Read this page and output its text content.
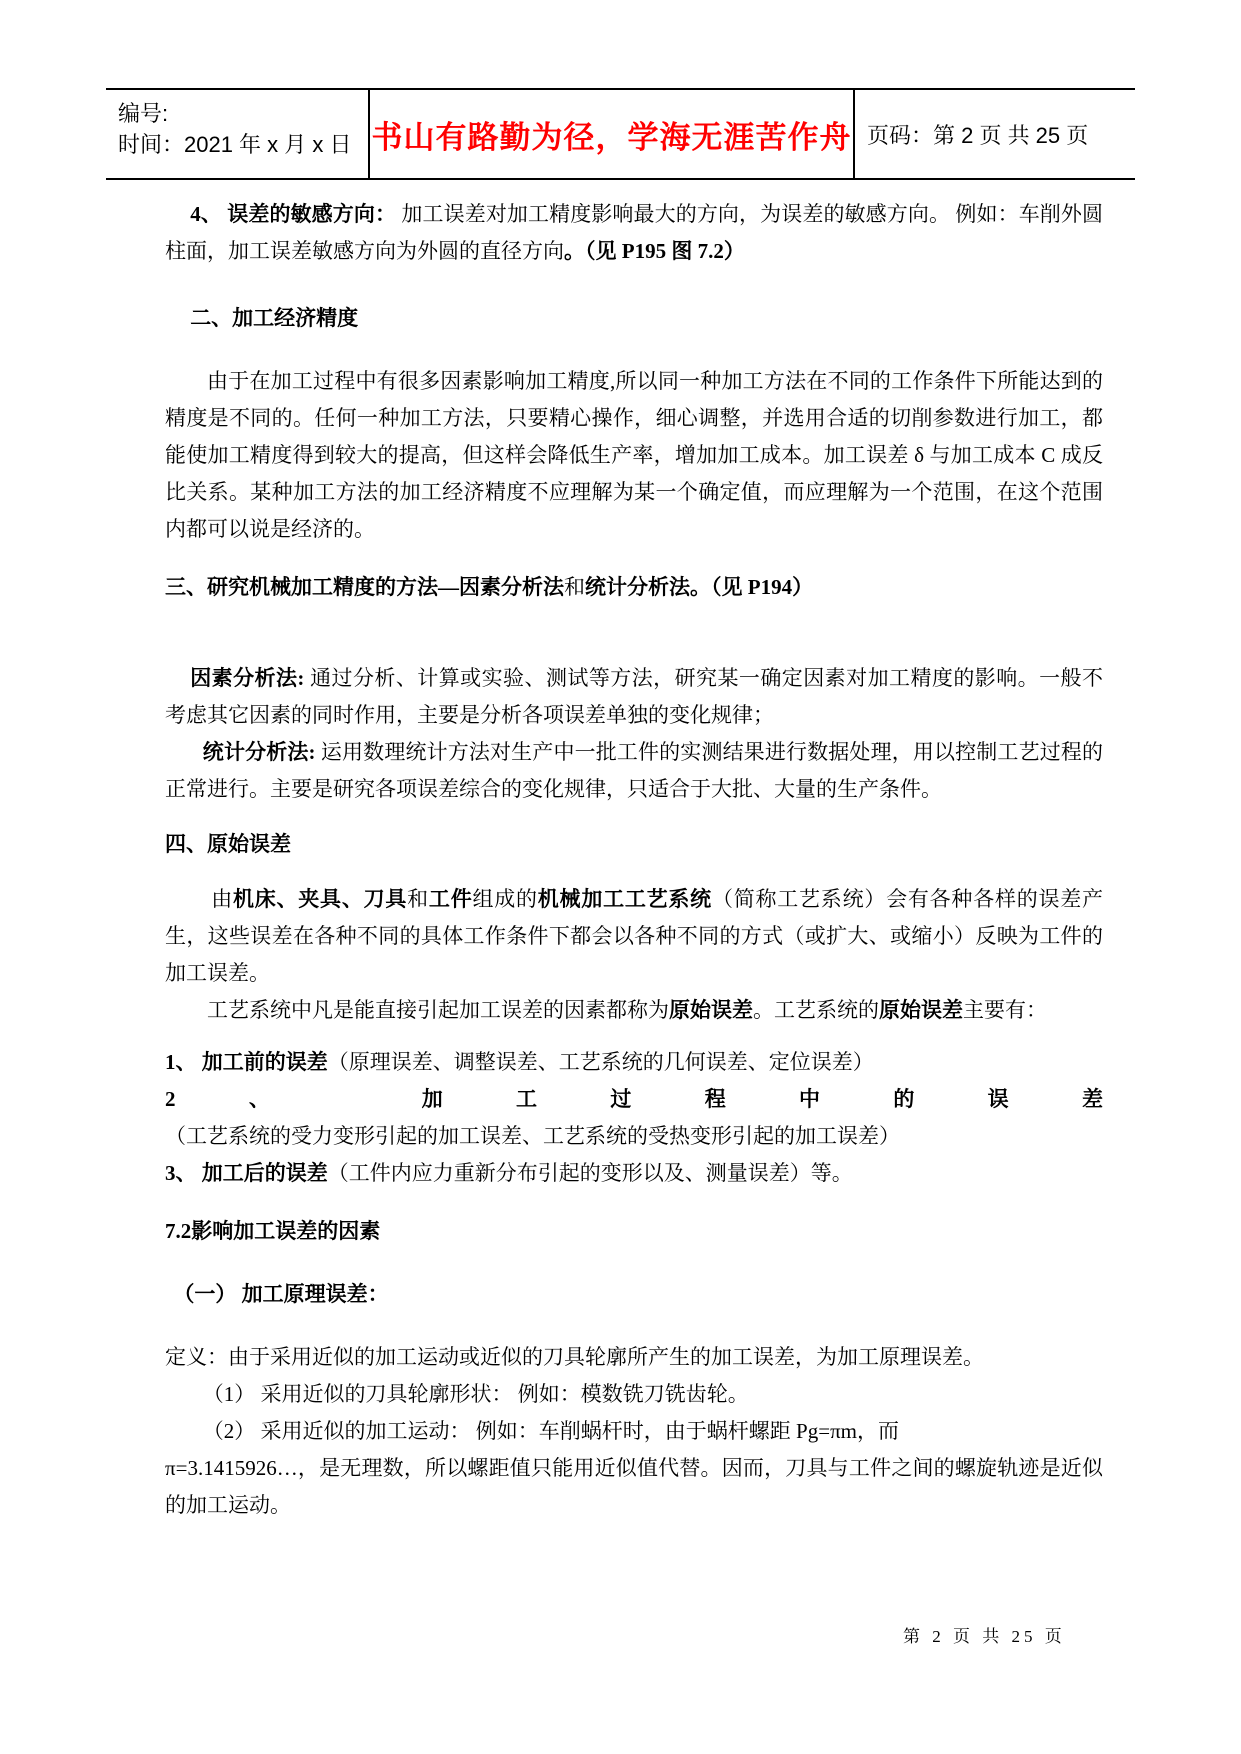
编号:
时间：2021 年 x 月 x 日 书山有路勤为径，学海无涯苦作舟 页码：第 2 页 共 25 页

4、 误差的敏感方向： 加工误差对加工精度影响最大的方向，为误差的敏感方向。 例如：车削外圆柱面，加工误差敏感方向为外圆的直径方向。（见 P195 图 7.2）

二、加工经济精度

由于在加工过程中有很多因素影响加工精度,所以同一种加工方法在不同的工作条件下所能达到的精度是不同的。任何一种加工方法，只要精心操作，细心调整，并选用合适的切削参数进行加工，都能使加工精度得到较大的提高，但这样会降低生产率，增加加工成本。加工误差 δ 与加工成本 C 成反比关系。某种加工方法的加工经济精度不应理解为某一个确定值，而应理解为一个范围，在这个范围内都可以说是经济的。

三、研究机械加工精度的方法—因素分析法和统计分析法。（见 P194）

因素分析法: 通过分析、计算或实验、测试等方法，研究某一确定因素对加工精度的影响。一般不考虑其它因素的同时作用，主要是分析各项误差单独的变化规律；

统计分析法: 运用数理统计方法对生产中一批工件的实测结果进行数据处理，用以控制工艺过程的正常进行。主要是研究各项误差综合的变化规律，只适合于大批、大量的生产条件。

四、原始误差

由机床、夹具、刀具和工件组成的机械加工工艺系统（简称工艺系统）会有各种各样的误差产生，这些误差在各种不同的具体工作条件下都会以各种不同的方式（或扩大、或缩小）反映为工件的加工误差。

工艺系统中凡是能直接引起加工误差的因素都称为原始误差。工艺系统的原始误差主要有：

1、 加工前的误差（原理误差、调整误差、工艺系统的几何误差、定位误差）

2、 加工过程中的误差（工艺系统的受力变形引起的加工误差、工艺系统的受热变形引起的加工误差）

3、 加工后的误差（工件内应力重新分布引起的变形以及、测量误差）等。

7.2影响加工误差的因素

（一） 加工原理误差：

定义：由于采用近似的加工运动或近似的刀具轮廓所产生的加工误差，为加工原理误差。

（1） 采用近似的刀具轮廓形状： 例如：模数铣刀铣齿轮。

（2） 采用近似的加工运动： 例如：车削蜗杆时，由于蜗杆螺距 Pg=πm，而
π=3.1415926…，是无理数，所以螺距值只能用近似值代替。因而，刀具与工件之间的螺旋轨迹是近似的加工运动。

第 2 页 共 25 页
